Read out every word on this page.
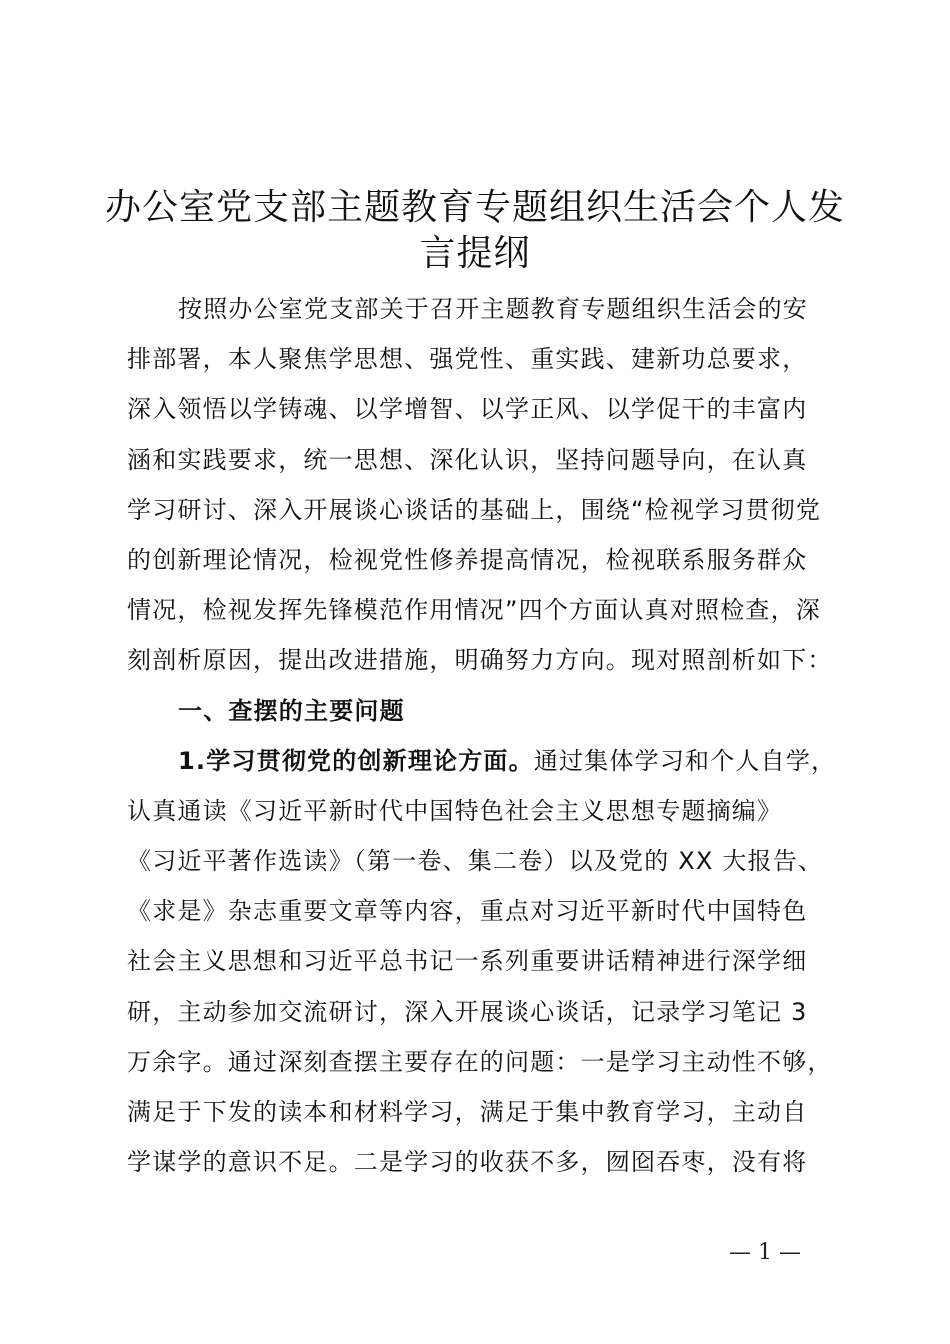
办公室党支部主题教育专题组织生活会个人发
言提纲
按照办公室党支部关于召开主题教育专题组织生活会的安
排部署，本人聚焦学思想、强党性、重实践、建新功总要求，
深入领悟以学铸魂、以学增智、以学正风、以学促干的丰富内
涵和实践要求，统一思想、深化认识，坚持问题导向，在认真
学习研讨、深入开展谈心谈话的基础上，围绕“检视学习贯彻党
的创新理论情况，检视党性修养提高情况，检视联系服务群众
情况，检视发挥先锋模范作用情况”四个方面认真对照检查，深
刻剖析原因，提出改进措施，明确努力方向。现对照剖析如下：
一、查摆的主要问题
1.学习贯彻党的创新理论方面。通过集体学习和个人自学，
认真通读《习近平新时代中国特色社会主义思想专题摘编》
《习近平著作选读》（第一卷、集二卷）以及党的 XX 大报告、
《求是》杂志重要文章等内容，重点对习近平新时代中国特色
社会主义思想和习近平总书记一系列重要讲话精神进行深学细
研，主动参加交流研讨，深入开展谈心谈话，记录学习笔记 3
万余字。通过深刻查摆主要存在的问题：一是学习主动性不够，
满足于下发的读本和材料学习，满足于集中教育学习，主动自
学谋学的意识不足。二是学习的收获不多，囫囵吞枣，没有将
— 1 —
